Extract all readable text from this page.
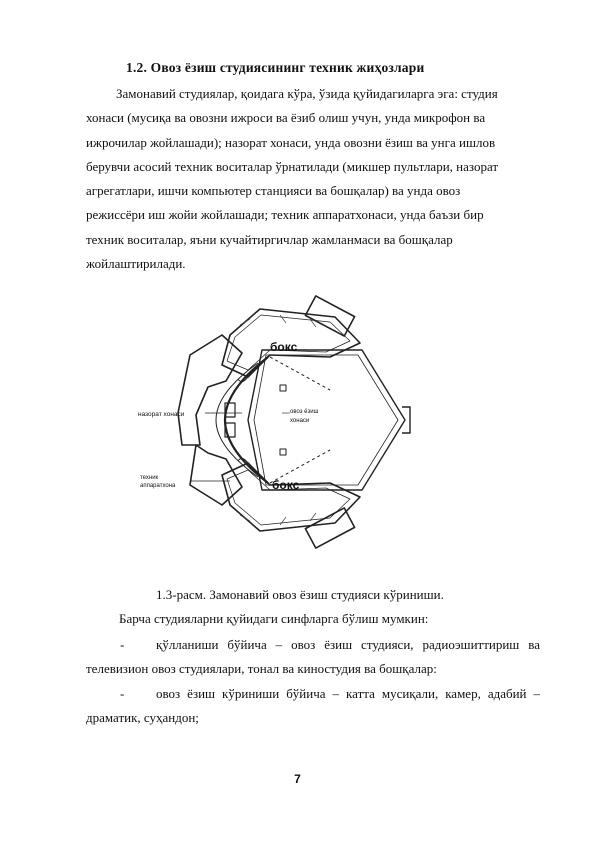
1.2. Овоз ёзиш студиясининг техник жиҳозлари
Замонавий студиялар, қоидага кўра, ўзида қуйидагиларга эга: студия
хонаси (мусиқа ва овозни ижроси ва ёзиб олиш учун, унда микрофон ва
ижрочилар жойлашади); назорат хонаси, унда овозни ёзиш ва унга ишлов
берувчи асосий техник воситалар ўрнатилади (микшер пультлари, назорат
агрегатлари, ишчи компьютер станцияси ва бошқалар) ва унда овоз
режиссёри иш жойи жойлашади; техник аппаратхонаси, унда баъзи бир
техник воситалар, яъни кучайтиргичлар жамланмаси ва бошқалар
жойлаштирилади.
бокс
бокс
назорат хонаси	овоз ёзиш
хонаси
техник
аппаратхона
1.3-расм. Замонавий овоз ёзиш студияси кўриниши.
Барча студияларни қуйидаги синфларга бўлиш мумкин:
-	қўлланиши бўйича – овоз ёзиш студияси, радиоэшиттириш ва
телевизион овоз студиялари, тонал ва киностудия ва бошқалар:
-	овоз ёзиш кўриниши бўйича – катта мусиқали, камер, адабий –
драматик, суҳандон;
7
